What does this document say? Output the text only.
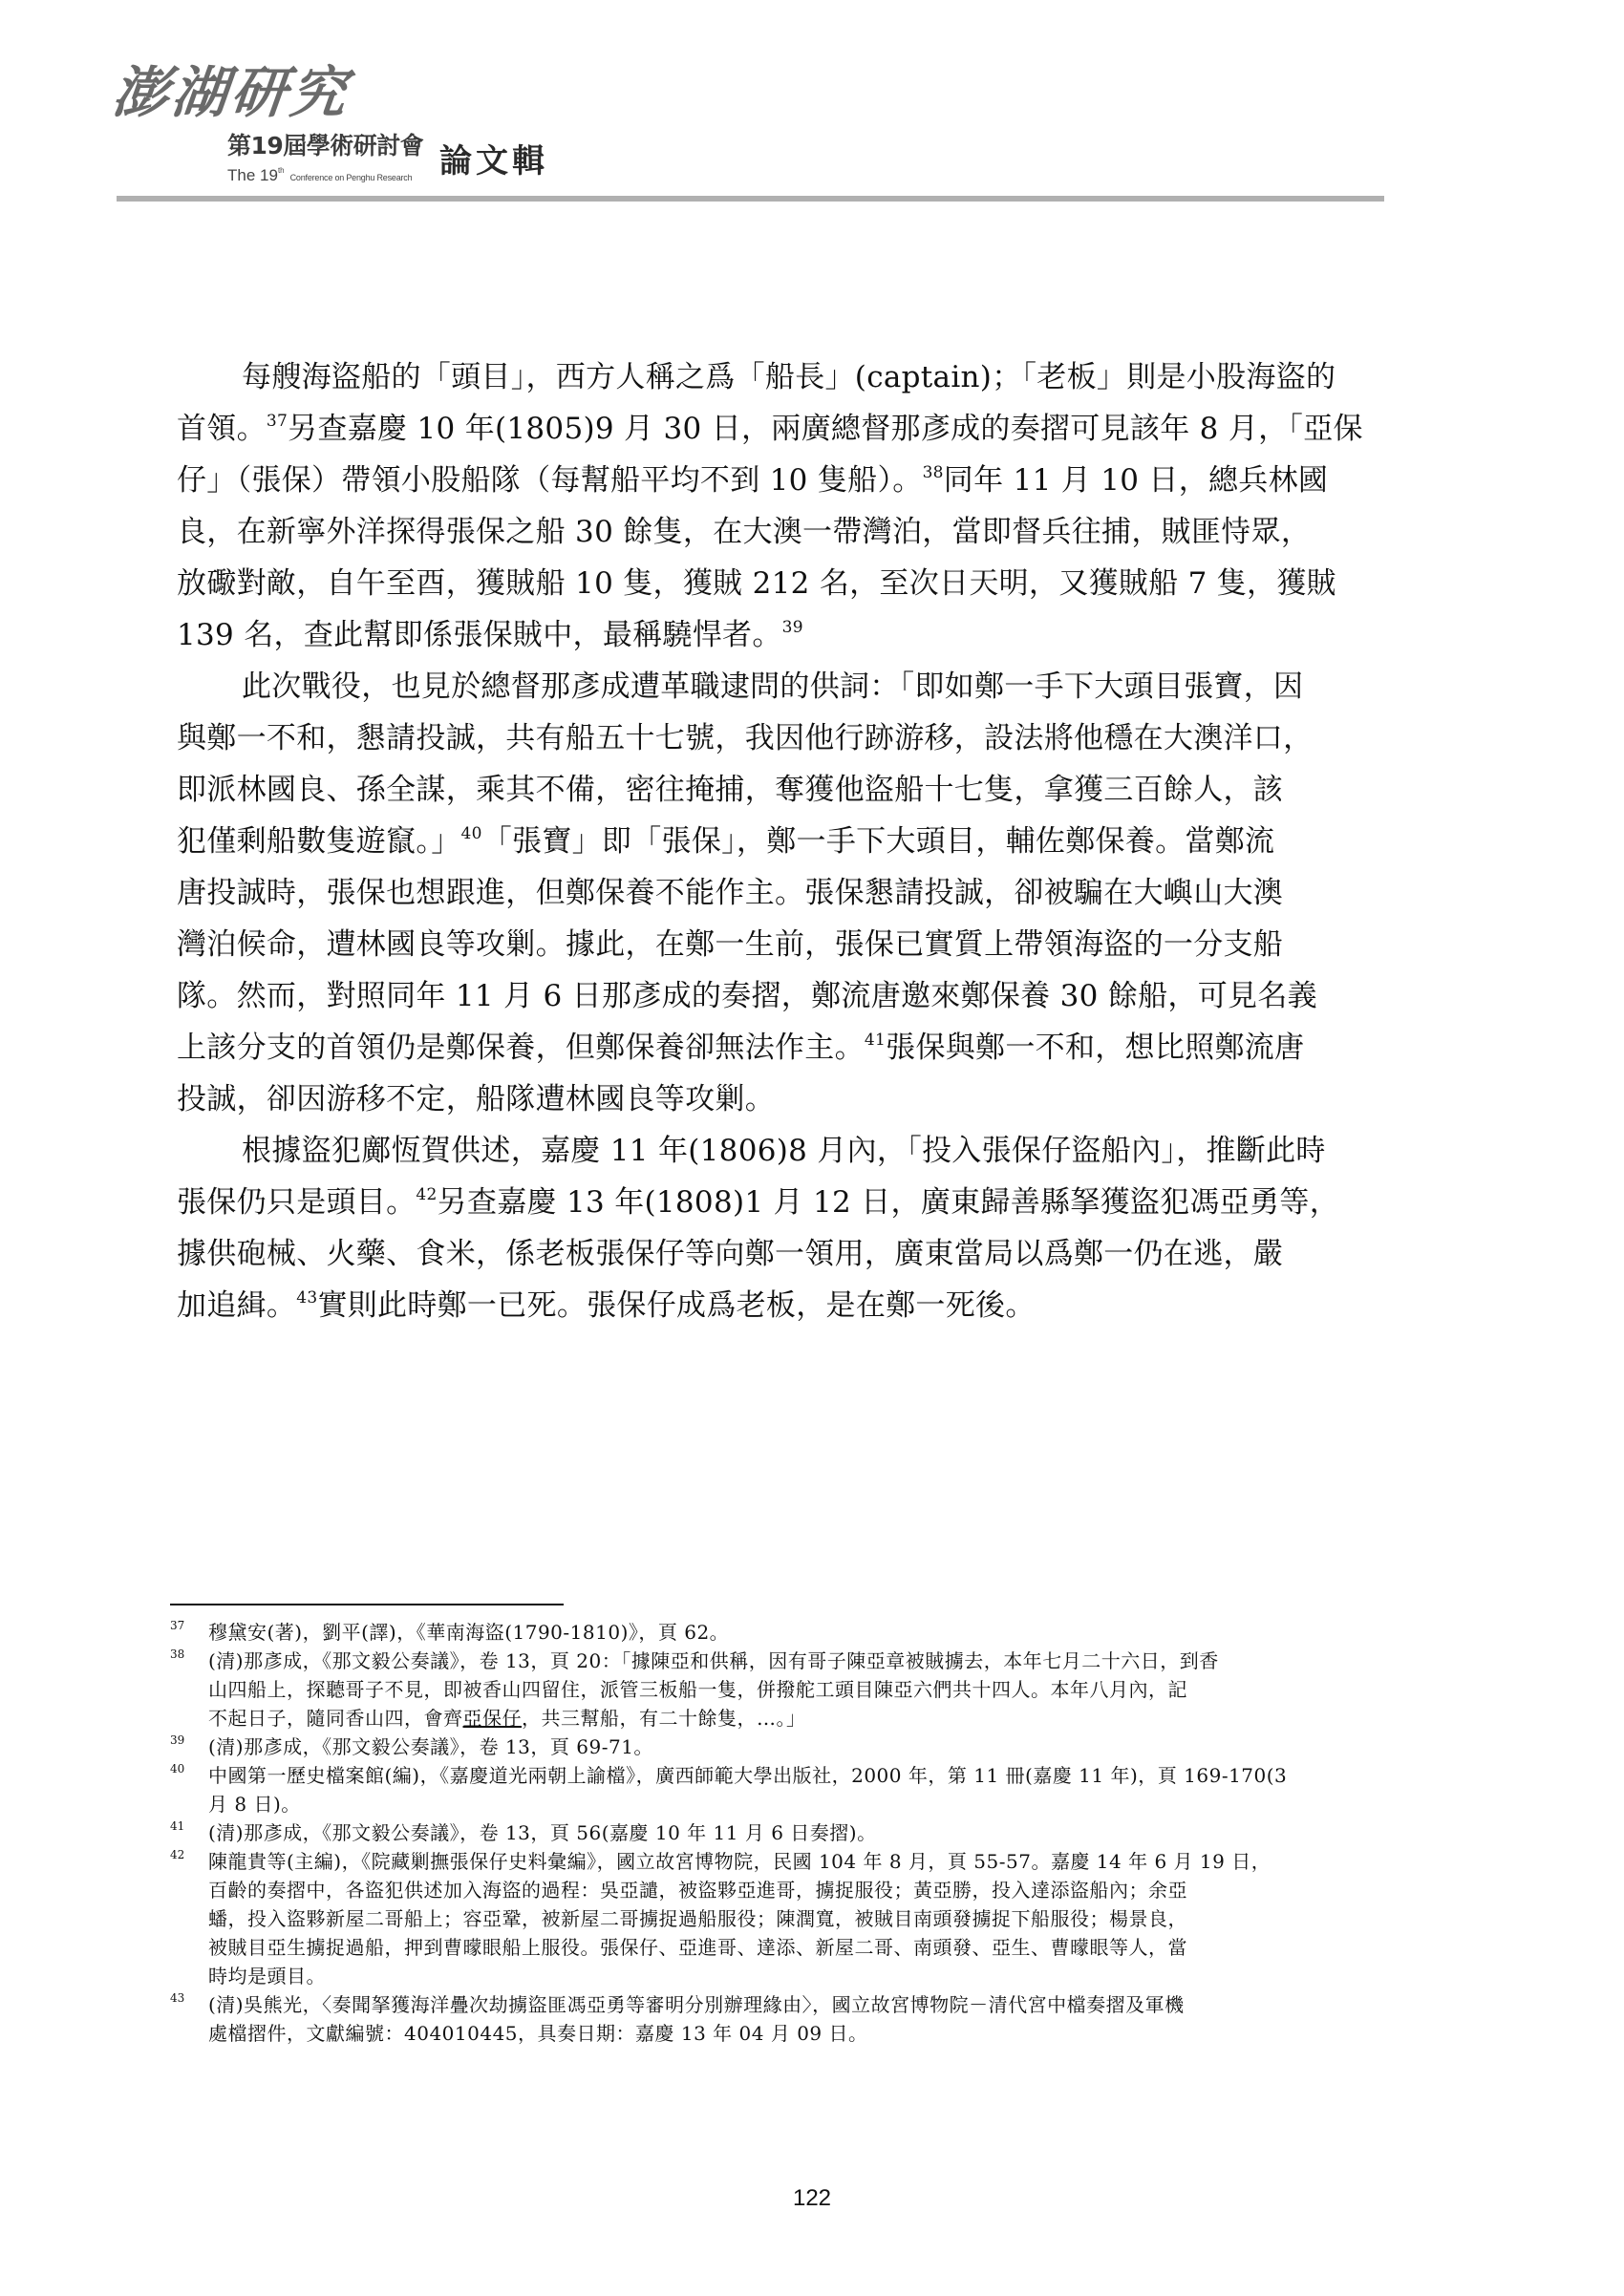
澎湖研究
第19屆學術研討會
The 19thConference on Penghu Research 論文輯
每艘海盜船的「頭目」，西方人稱之爲「船長」(captain)；「老板」則是小股海盜的
首領。$^{37}$另查嘉慶 10 年(1805)9 月 30 日，兩廣總督那彥成的奏摺可見該年 8 月，「亞保
仔」（張保）帶領小股船隊（每幫船平均不到 10 隻船）。$^{38}$同年 11 月 10 日，總兵林國
良，在新寧外洋探得張保之船 30 餘隻，在大澳一帶灣泊，當即督兵往捕，賊匪恃眾，
放礮對敵，自午至酉，獲賊船 10 隻，獲賊 212 名，至次日天明，又獲賊船 7 隻，獲賊
139 名，查此幫即係張保賊中，最稱驍悍者。$^{39}$
此次戰役，也見於總督那彥成遭革職逮問的供詞：「即如鄭一手下大頭目張寶，因
與鄭一不和，懇請投誠，共有船五十七號，我因他行跡游移，設法將他穩在大澳洋口，
即派林國良、孫全謀，乘其不備，密往掩捕，奪獲他盜船十七隻，拿獲三百餘人，該
犯僅剩船數隻遊竄。」$^{40}$「張寶」即「張保」，鄭一手下大頭目，輔佐鄭保養。當鄭流
唐投誠時，張保也想跟進，但鄭保養不能作主。張保懇請投誠，卻被騙在大嶼山大澳
灣泊候命，遭林國良等攻剿。據此，在鄭一生前，張保已實質上帶領海盜的一分支船
隊。然而，對照同年 11 月 6 日那彥成的奏摺，鄭流唐邀來鄭保養 30 餘船，可見名義
上該分支的首領仍是鄭保養，但鄭保養卻無法作主。$^{41}$張保與鄭一不和，想比照鄭流唐
投誠，卻因游移不定，船隊遭林國良等攻剿。
根據盜犯鄺恆賀供述，嘉慶 11 年(1806)8 月內，「投入張保仔盜船內」，推斷此時
張保仍只是頭目。$^{42}$另查嘉慶 13 年(1808)1 月 12 日，廣東歸善縣拏獲盜犯馮亞勇等，
據供砲械、火藥、食米，係老板張保仔等向鄭一領用，廣東當局以爲鄭一仍在逃，嚴
加追緝。$^{43}$實則此時鄭一已死。張保仔成爲老板，是在鄭一死後。
37 穆黛安(著)，劉平(譯)，《華南海盜(1790-1810)》，頁 62。
38 (清)那彥成，《那文毅公奏議》，卷 13，頁 20：「據陳亞和供稱，因有哥子陳亞章被賊擄去，本年七月二十六日，到香
山四船上，探聽哥子不見，即被香山四留住，派管三板船一隻，併撥舵工頭目陳亞六們共十四人。本年八月內，記
不起日子，隨同香山四，會齊亞保仔，共三幫船，有二十餘隻，…。」
39 (清)那彥成，《那文毅公奏議》，卷 13，頁 69-71。
40 中國第一歷史檔案館(編)，《嘉慶道光兩朝上諭檔》，廣西師範大學出版社，2000 年，第 11 冊(嘉慶 11 年)，頁 169-170(3
月 8 日)。
41 (清)那彥成，《那文毅公奏議》，卷 13，頁 56(嘉慶 10 年 11 月 6 日奏摺)。
42 陳龍貴等(主編)，《院藏剿撫張保仔史料彙編》，國立故宮博物院，民國 104 年 8 月，頁 55-57。嘉慶 14 年 6 月 19 日，
百齡的奏摺中，各盜犯供述加入海盜的過程：吳亞譴，被盜夥亞進哥，擄捉服役；黃亞勝，投入達添盜船內；余亞
蟠，投入盜夥新屋二哥船上；容亞鞏，被新屋二哥擄捉過船服役；陳潤寬，被賊目南頭發擄捉下船服役；楊景良，
被賊目亞生擄捉過船，押到曹曚眼船上服役。張保仔、亞進哥、達添、新屋二哥、南頭發、亞生、曹曚眼等人，當
時均是頭目。
43 (清)吳熊光，〈奏聞拏獲海洋疊次劫擄盜匪馮亞勇等審明分別辦理緣由〉，國立故宮博物院－清代宮中檔奏摺及軍機
處檔摺件，文獻編號：404010445，具奏日期：嘉慶 13 年 04 月 09 日。
122
